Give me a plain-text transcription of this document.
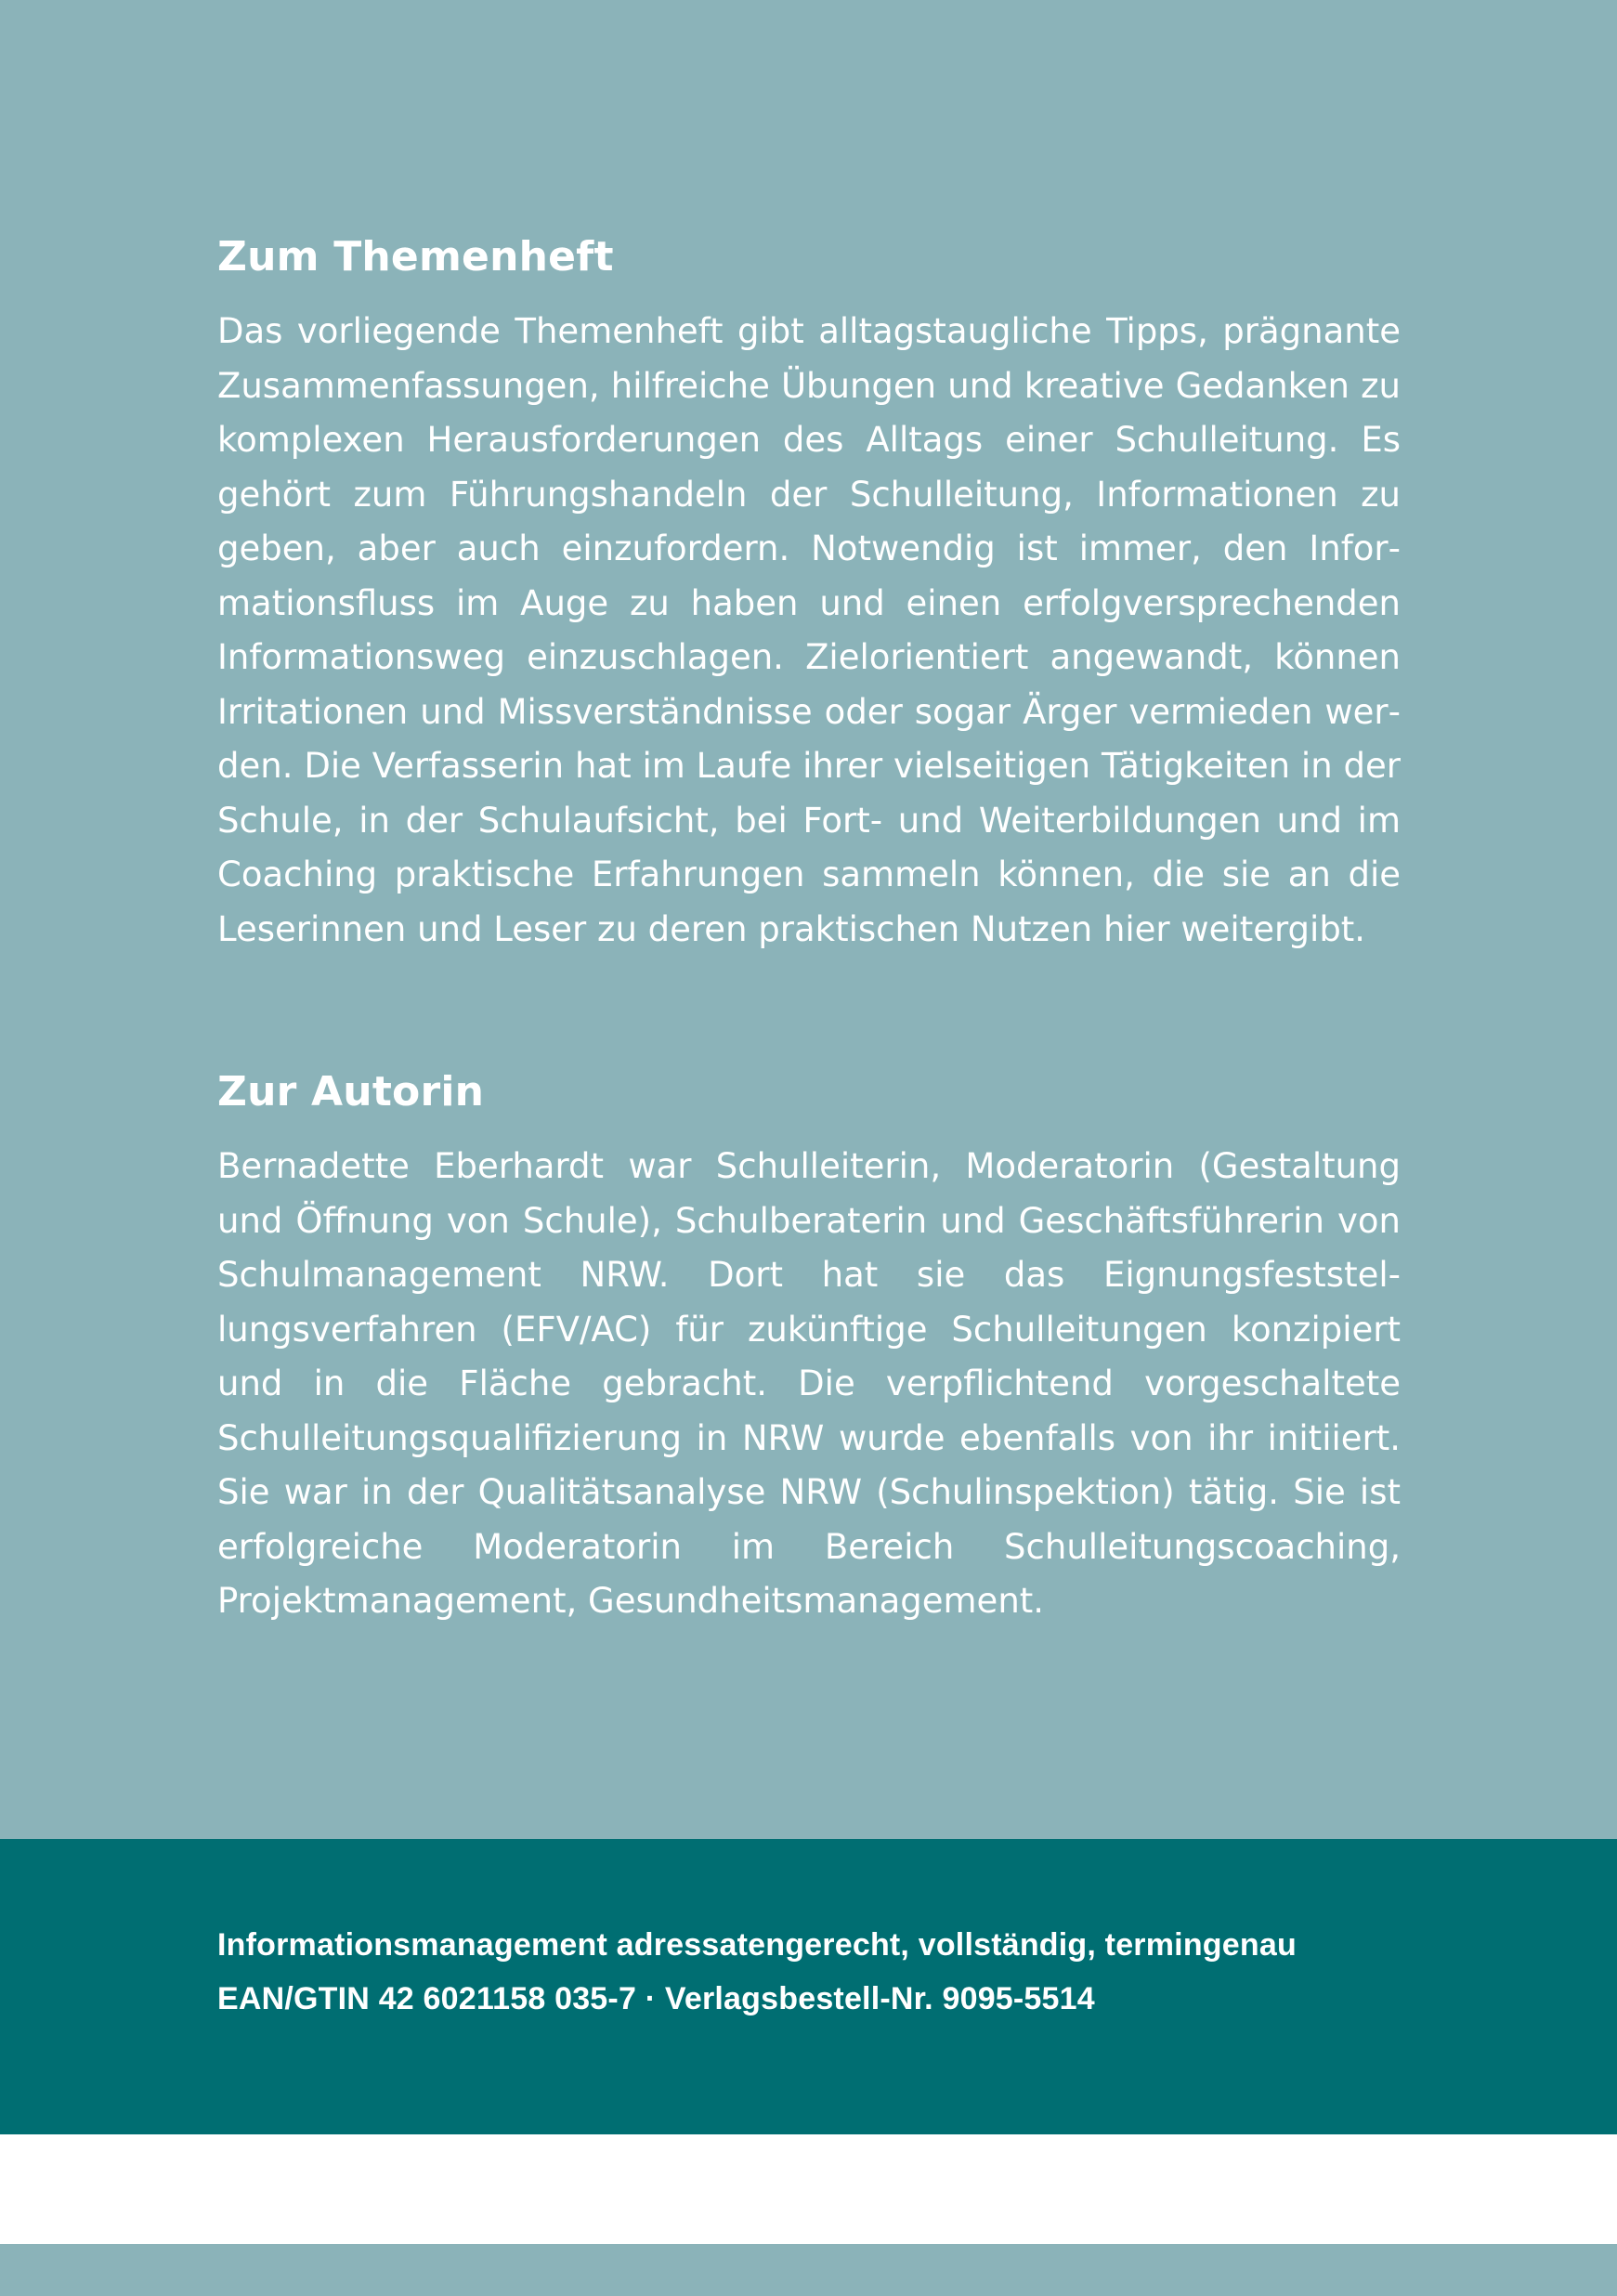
Zum Themenheft

Das vorliegende Themenheft gibt alltagstaugliche Tipps, prägnante Zusammenfassungen, hilfreiche Übungen und kreative Gedanken zu komplexen Herausforderungen des Alltags einer Schulleitung. Es gehört zum Führungshandeln der Schulleitung, Informationen zu geben, aber auch einzufordern. Notwendig ist immer, den Informationsfluss im Auge zu haben und einen erfolgversprechenden Informationsweg einzuschlagen. Zielorientiert angewandt, können Irritationen und Missverständnisse oder sogar Ärger vermieden werden. Die Verfasserin hat im Laufe ihrer vielseitigen Tätigkeiten in der Schule, in der Schulaufsicht, bei Fort- und Weiterbildungen und im Coaching praktische Erfahrungen sammeln können, die sie an die Leserinnen und Leser zu deren praktischen Nutzen hier weitergibt.

Zur Autorin

Bernadette Eberhardt war Schulleiterin, Moderatorin (Gestaltung und Öffnung von Schule), Schulberaterin und Geschäftsführerin von Schulmanagement NRW. Dort hat sie das Eignungsfeststellungsverfahren (EFV/AC) für zukünftige Schulleitungen konzipiert und in die Fläche gebracht. Die verpflichtend vorgeschaltete Schulleitungsqualifizierung in NRW wurde ebenfalls von ihr initiiert. Sie war in der Qualitätsanalyse NRW (Schulinspektion) tätig. Sie ist erfolgreiche Moderatorin im Bereich Schulleitungscoaching, Projektmanagement, Gesundheitsmanagement.

Informationsmanagement adressatengerecht, vollständig, termingenau
EAN/GTIN 42 6021158 035-7 · Verlagsbestell-Nr. 9095-5514
